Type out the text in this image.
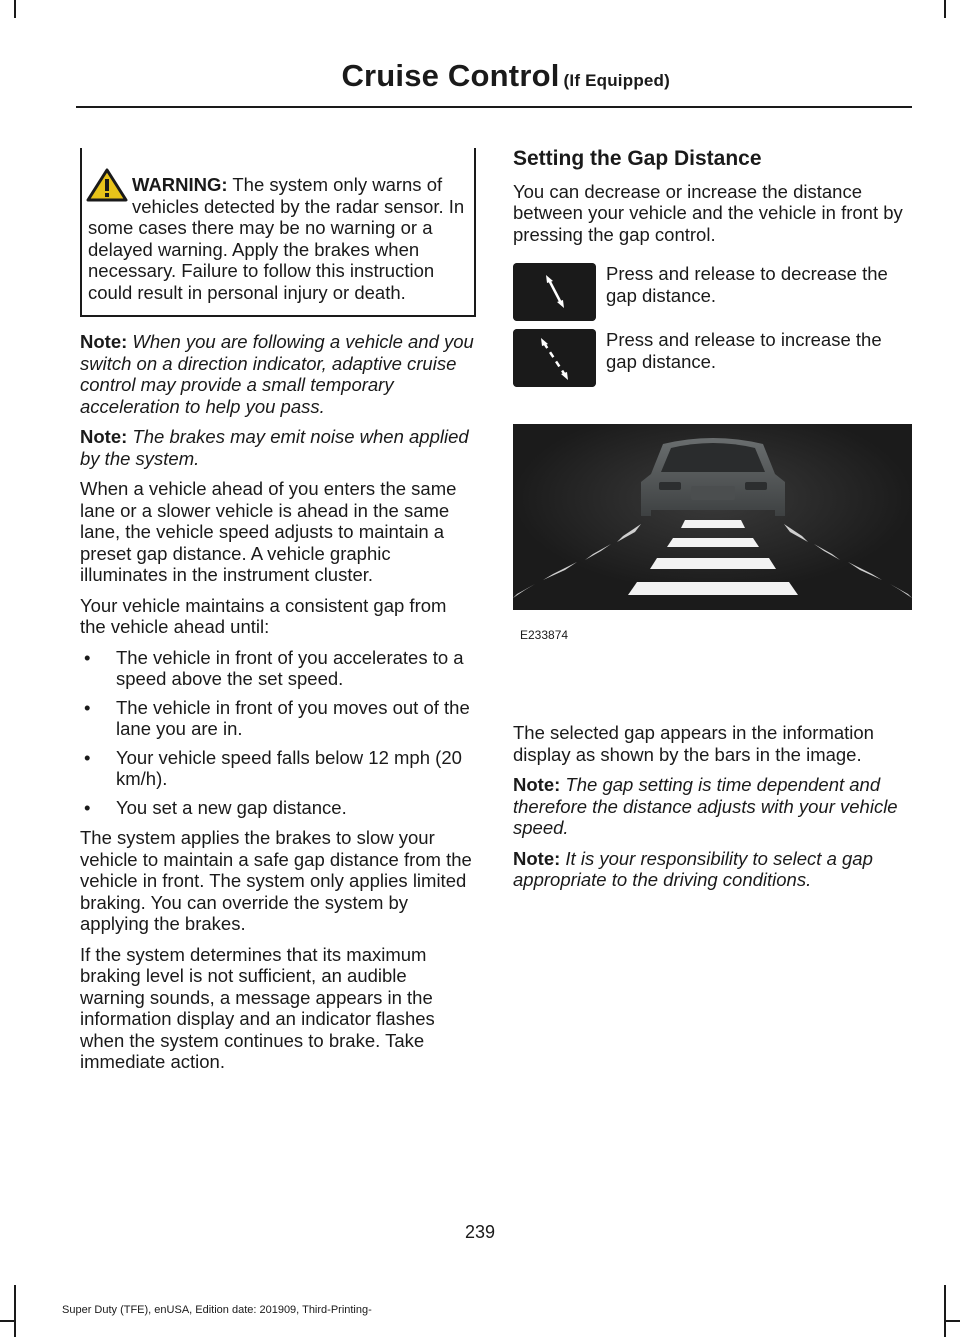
Cruise Control (If Equipped)
WARNING: The system only warns of vehicles detected by the radar sensor. In some cases there may be no warning or a delayed warning. Apply the brakes when necessary. Failure to follow this instruction could result in personal injury or death.

Note: When you are following a vehicle and you switch on a direction indicator, adaptive cruise control may provide a small temporary acceleration to help you pass.

Note: The brakes may emit noise when applied by the system.

When a vehicle ahead of you enters the same lane or a slower vehicle is ahead in the same lane, the vehicle speed adjusts to maintain a preset gap distance. A vehicle graphic illuminates in the instrument cluster.

Your vehicle maintains a consistent gap from the vehicle ahead until:

• The vehicle in front of you accelerates to a speed above the set speed.
• The vehicle in front of you moves out of the lane you are in.
• Your vehicle speed falls below 12 mph (20 km/h).
• You set a new gap distance.

The system applies the brakes to slow your vehicle to maintain a safe gap distance from the vehicle in front. The system only applies limited braking. You can override the system by applying the brakes.

If the system determines that its maximum braking level is not sufficient, an audible warning sounds, a message appears in the information display and an indicator flashes when the system continues to brake. Take immediate action.

Setting the Gap Distance

You can decrease or increase the distance between your vehicle and the vehicle in front by pressing the gap control.

Press and release to decrease the gap distance.
Press and release to increase the gap distance.

The selected gap appears in the information display as shown by the bars in the image.

Note: The gap setting is time dependent and therefore the distance adjusts with your vehicle speed.

Note: It is your responsibility to select a gap appropriate to the driving conditions.

E233874
239
Super Duty (TFE), enUSA, Edition date: 201909, Third-Printing-
